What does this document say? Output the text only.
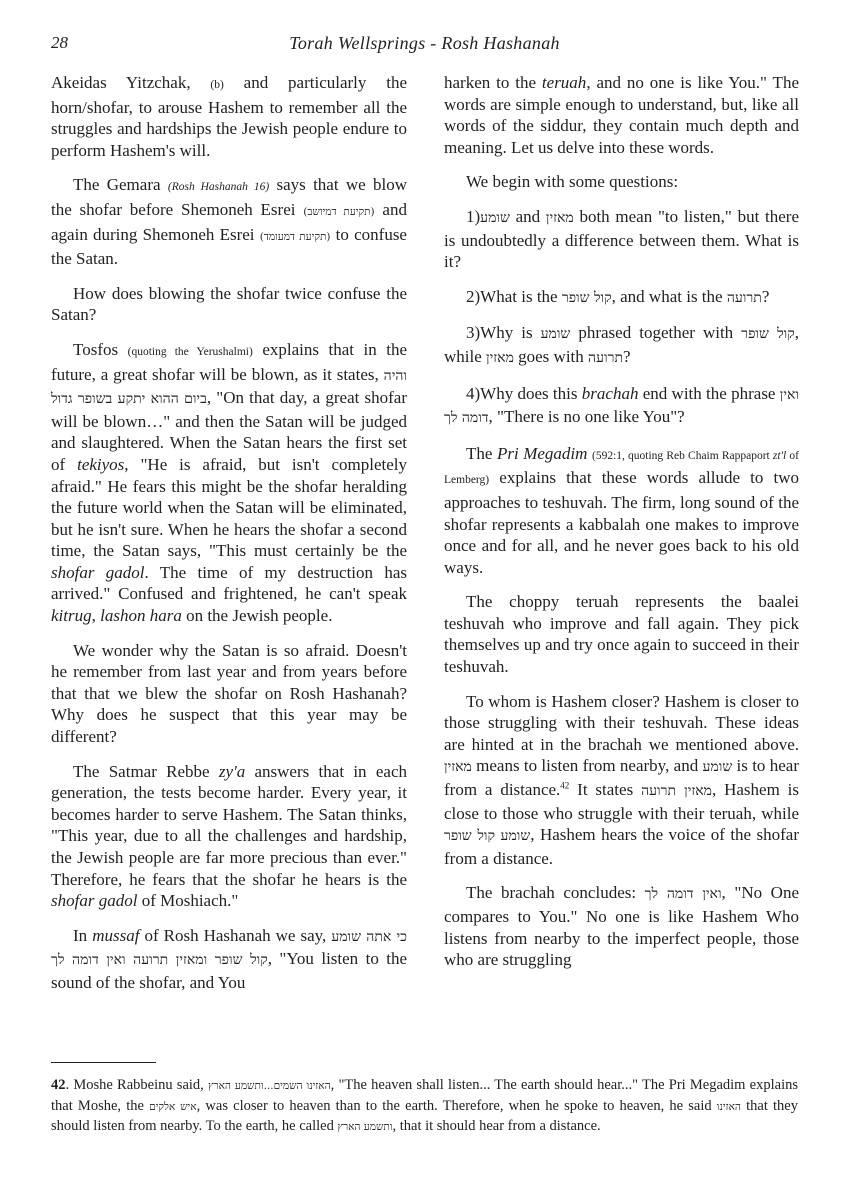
28	Torah Wellsprings - Rosh Hashanah

Akeidas Yitzchak, (b) and particularly the horn/shofar, to arouse Hashem to remember all the struggles and hardships the Jewish people endure to perform Hashem's will.

The Gemara (Rosh Hashanah 16) says that we blow the shofar before Shemoneh Esrei (תקיעת דמיושב) and again during Shemoneh Esrei (תקיעת דמעומד) to confuse the Satan.

How does blowing the shofar twice confuse the Satan?

Tosfos (quoting the Yerushalmi) explains that in the future, a great shofar will be blown, as it states, והיה ביום ההוא יתקע בשופר גדול, "On that day, a great shofar will be blown…" and then the Satan will be judged and slaughtered. When the Satan hears the first set of tekiyos, "He is afraid, but isn't completely afraid." He fears this might be the shofar heralding the future world when the Satan will be eliminated, but he isn't sure. When he hears the shofar a second time, the Satan says, "This must certainly be the shofar gadol. The time of my destruction has arrived." Confused and frightened, he can't speak kitrug, lashon hara on the Jewish people.

We wonder why the Satan is so afraid. Doesn't he remember from last year and from years before that that we blew the shofar on Rosh Hashanah? Why does he suspect that this year may be different?

The Satmar Rebbe zy'a answers that in each generation, the tests become harder. Every year, it becomes harder to serve Hashem. The Satan thinks, "This year, due to all the challenges and hardship, the Jewish people are far more precious than ever." Therefore, he fears that the shofar he hears is the shofar gadol of Moshiach."

In mussaf of Rosh Hashanah we say, כי אתה שומע קול שופר ומאזין תרועה ואין דומה לך, "You listen to the sound of the shofar, and You

harken to the teruah, and no one is like You." The words are simple enough to understand, but, like all words of the siddur, they contain much depth and meaning. Let us delve into these words.

We begin with some questions:

1)שומע and מאזין both mean "to listen," but there is undoubtedly a difference between them. What is it?

2)What is the קול שופר, and what is the תרועה?

3)Why is שומע phrased together with קול שופר, while מאזין goes with תרועה?

4)Why does this brachah end with the phrase ואין דומה לך, "There is no one like You"?

The Pri Megadim (592:1, quoting Reb Chaim Rappaport zt'l of Lemberg) explains that these words allude to two approaches to teshuvah. The firm, long sound of the shofar represents a kabbalah one makes to improve once and for all, and he never goes back to his old ways.

The choppy teruah represents the baalei teshuvah who improve and fall again. They pick themselves up and try once again to succeed in their teshuvah.

To whom is Hashem closer? Hashem is closer to those struggling with their teshuvah. These ideas are hinted at in the brachah we mentioned above. מאזין means to listen from nearby, and שומע is to hear from a distance.$^{42}$ It states מאזין תרועה, Hashem is close to those who struggle with their teruah, while שומע קול שופר, Hashem hears the voice of the shofar from a distance.

The brachah concludes: ואין דומה לך, "No One compares to You." No one is like Hashem Who listens from nearby to the imperfect people, those who are struggling

42. Moshe Rabbeinu said, האזינו השמים...ותשמע הארץ, "The heaven shall listen... The earth should hear..." The Pri Megadim explains that Moshe, the איש אלקים, was closer to heaven than to the earth. Therefore, when he spoke to heaven, he said האזינו that they should listen from nearby. To the earth, he called ותשמע הארץ, that it should hear from a distance.
